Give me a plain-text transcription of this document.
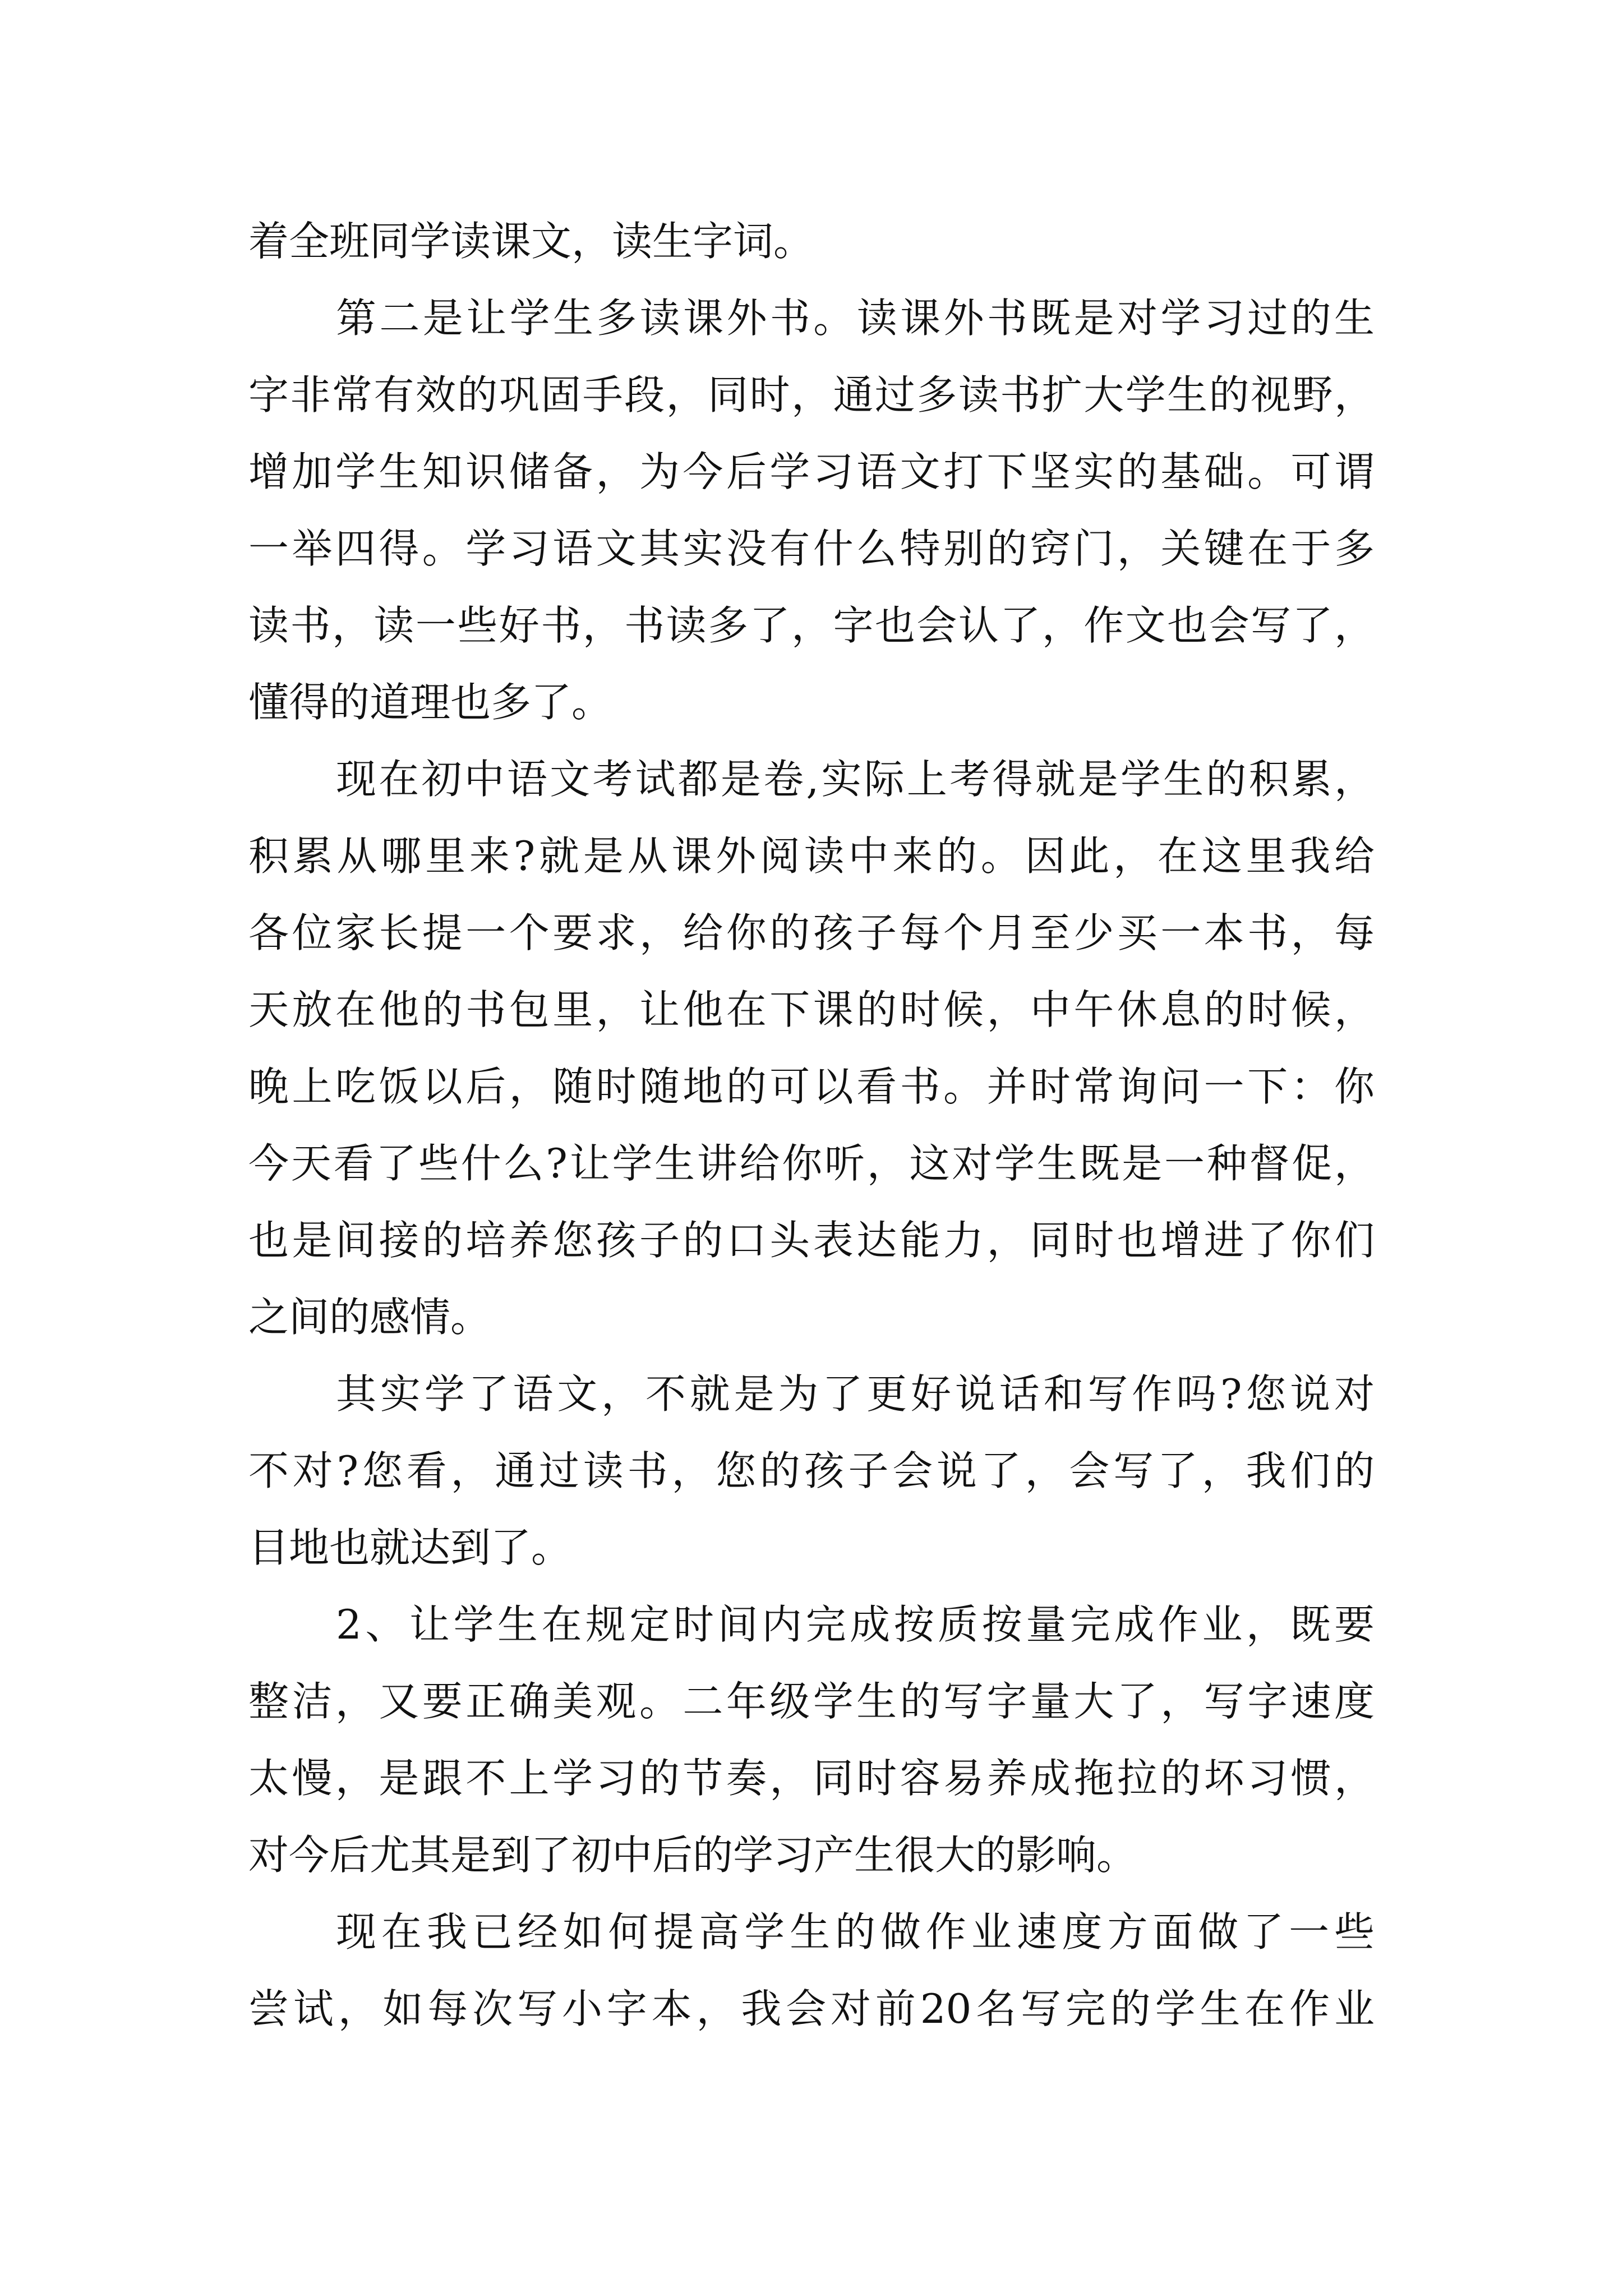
着全班同学读课文，读生字词。
第二是让学生多读课外书。读课外书既是对学习过的生
字非常有效的巩固手段，同时，通过多读书扩大学生的视野，
增加学生知识储备，为今后学习语文打下坚实的基础。可谓
一举四得。学习语文其实没有什么特别的窍门，关键在于多
读书，读一些好书，书读多了，字也会认了，作文也会写了，
懂得的道理也多了。
现在初中语文考试都是卷,实际上考得就是学生的积累，
积累从哪里来?就是从课外阅读中来的。因此，在这里我给
各位家长提一个要求，给你的孩子每个月至少买一本书，每
天放在他的书包里，让他在下课的时候，中午休息的时候，
晚上吃饭以后，随时随地的可以看书。并时常询问一下：你
今天看了些什么?让学生讲给你听，这对学生既是一种督促，
也是间接的培养您孩子的口头表达能力，同时也增进了你们
之间的感情。
其实学了语文，不就是为了更好说话和写作吗?您说对
不对?您看，通过读书，您的孩子会说了，会写了，我们的
目地也就达到了。
2、让学生在规定时间内完成按质按量完成作业，既要
整洁，又要正确美观。二年级学生的写字量大了，写字速度
太慢，是跟不上学习的节奏，同时容易养成拖拉的坏习惯，
对今后尤其是到了初中后的学习产生很大的影响。
现在我已经如何提高学生的做作业速度方面做了一些
尝试，如每次写小字本，我会对前20名写完的学生在作业
